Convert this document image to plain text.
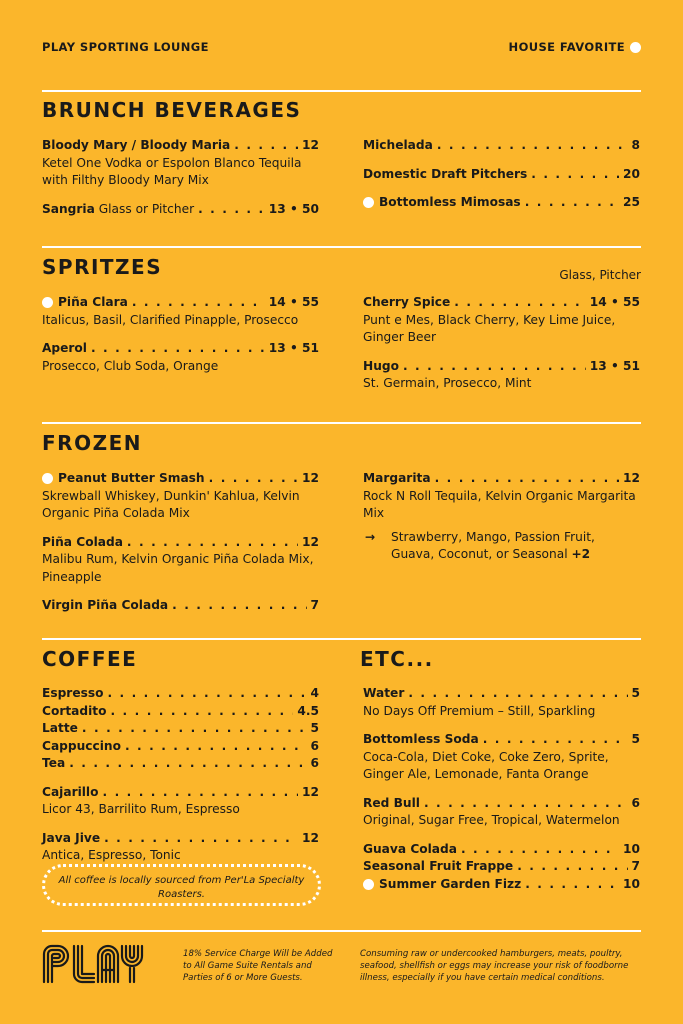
PLAY SPORTING LOUNGE	HOUSE FAVORITE
BRUNCH BEVERAGES
Bloody Mary / Bloody Maria . . .	12
Ketel One Vodka or Espolon Blanco Tequila with Filthy Bloody Mary Mix
Sangria Glass or Pitcher . . .	13 • 50
Michelada . . .	8
Domestic Draft Pitchers . . .	20
Bottomless Mimosas . . .	25
SPRITZES	Glass, Pitcher
Piña Clara . . .	14 • 55
Italicus, Basil, Clarified Pinapple, Prosecco
Aperol . . .	13 • 51
Prosecco, Club Soda, Orange
Cherry Spice . . .	14 • 55
Punt e Mes, Black Cherry, Key Lime Juice, Ginger Beer
Hugo . . .	13 • 51
St. Germain, Prosecco, Mint
FROZEN
Peanut Butter Smash . . .	12
Skrewball Whiskey, Dunkin' Kahlua, Kelvin Organic Piña Colada Mix
Piña Colada . . .	12
Malibu Rum, Kelvin Organic Piña Colada Mix, Pineapple
Virgin Piña Colada . . .	7
Margarita . . .	12
Rock N Roll Tequila, Kelvin Organic Margarita Mix
→	Strawberry, Mango, Passion Fruit, Guava, Coconut, or Seasonal +2
COFFEE
Espresso . . .	4
Cortadito . . .	4.5
Latte . . .	5
Cappuccino . . .	6
Tea . . .	6
Cajarillo . . .	12
Licor 43, Barrilito Rum, Espresso
Java Jive . . .	12
Antica, Espresso, Tonic
All coffee is locally sourced from Per'La Specialty Roasters.
ETC...
Water . . .	5
No Days Off Premium – Still, Sparkling
Bottomless Soda . . .	5
Coca-Cola, Diet Coke, Coke Zero, Sprite, Ginger Ale, Lemonade, Fanta Orange
Red Bull . . .	6
Original, Sugar Free, Tropical, Watermelon
Guava Colada . . .	10
Seasonal Fruit Frappe . . .	7
Summer Garden Fizz . . .	10
18% Service Charge Will be Added to All Game Suite Rentals and Parties of 6 or More Guests.
Consuming raw or undercooked hamburgers, meats, poultry, seafood, shellfish or eggs may increase your risk of foodborne illness, especially if you have certain medical conditions.
